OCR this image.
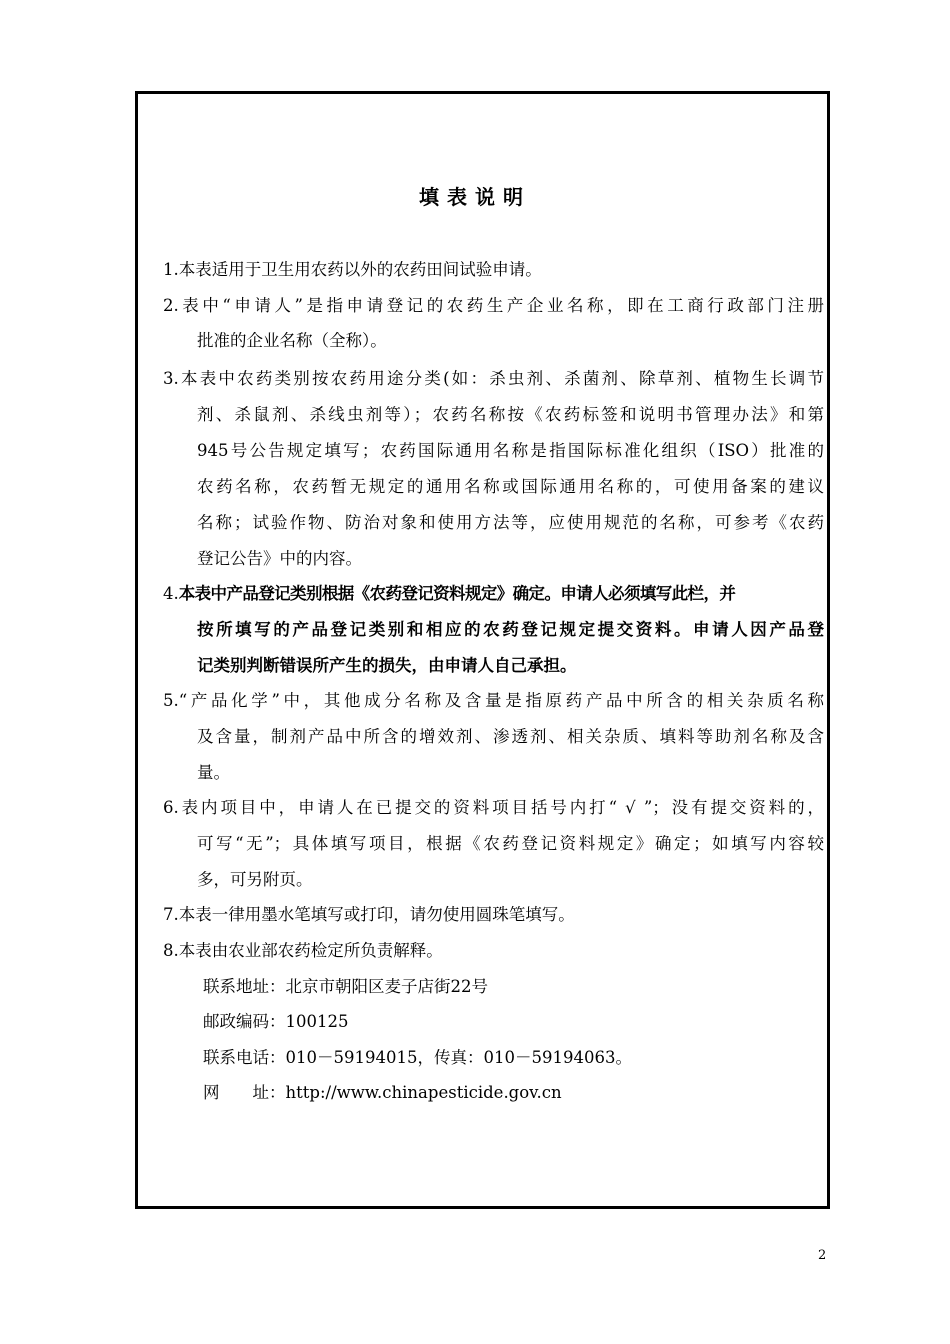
填表说明
1.本表适用于卫生用农药以外的农药田间试验申请。
2.表中“申请人”是指申请登记的农药生产企业名称，即在工商行政部门注册
批准的企业名称（全称）。
3.本表中农药类别按农药用途分类(如：杀虫剂、杀菌剂、除草剂、植物生长调节
剂、杀鼠剂、杀线虫剂等）；农药名称按《农药标签和说明书管理办法》和第
945号公告规定填写；农药国际通用名称是指国际标准化组织（ISO）批准的
农药名称，农药暂无规定的通用名称或国际通用名称的，可使用备案的建议
名称；试验作物、防治对象和使用方法等，应使用规范的名称，可参考《农药
登记公告》中的内容。
4.本表中产品登记类别根据《农药登记资料规定》确定。申请人必须填写此栏，并
按所填写的产品登记类别和相应的农药登记规定提交资料。申请人因产品登
记类别判断错误所产生的损失，由申请人自己承担。
5.“产品化学”中，其他成分名称及含量是指原药产品中所含的相关杂质名称
及含量，制剂产品中所含的增效剂、渗透剂、相关杂质、填料等助剂名称及含
量。
6.表内项目中，申请人在已提交的资料项目括号内打“ √ ”；没有提交资料的，
可写“无”；具体填写项目，根据《农药登记资料规定》确定；如填写内容较
多，可另附页。
7.本表一律用墨水笔填写或打印，请勿使用圆珠笔填写。
8.本表由农业部农药检定所负责解释。
联系地址：北京市朝阳区麦子店街22号
邮政编码：100125
联系电话：010－59194015，传真：010－59194063。
网　　址：http://www.chinapesticide.gov.cn
2
